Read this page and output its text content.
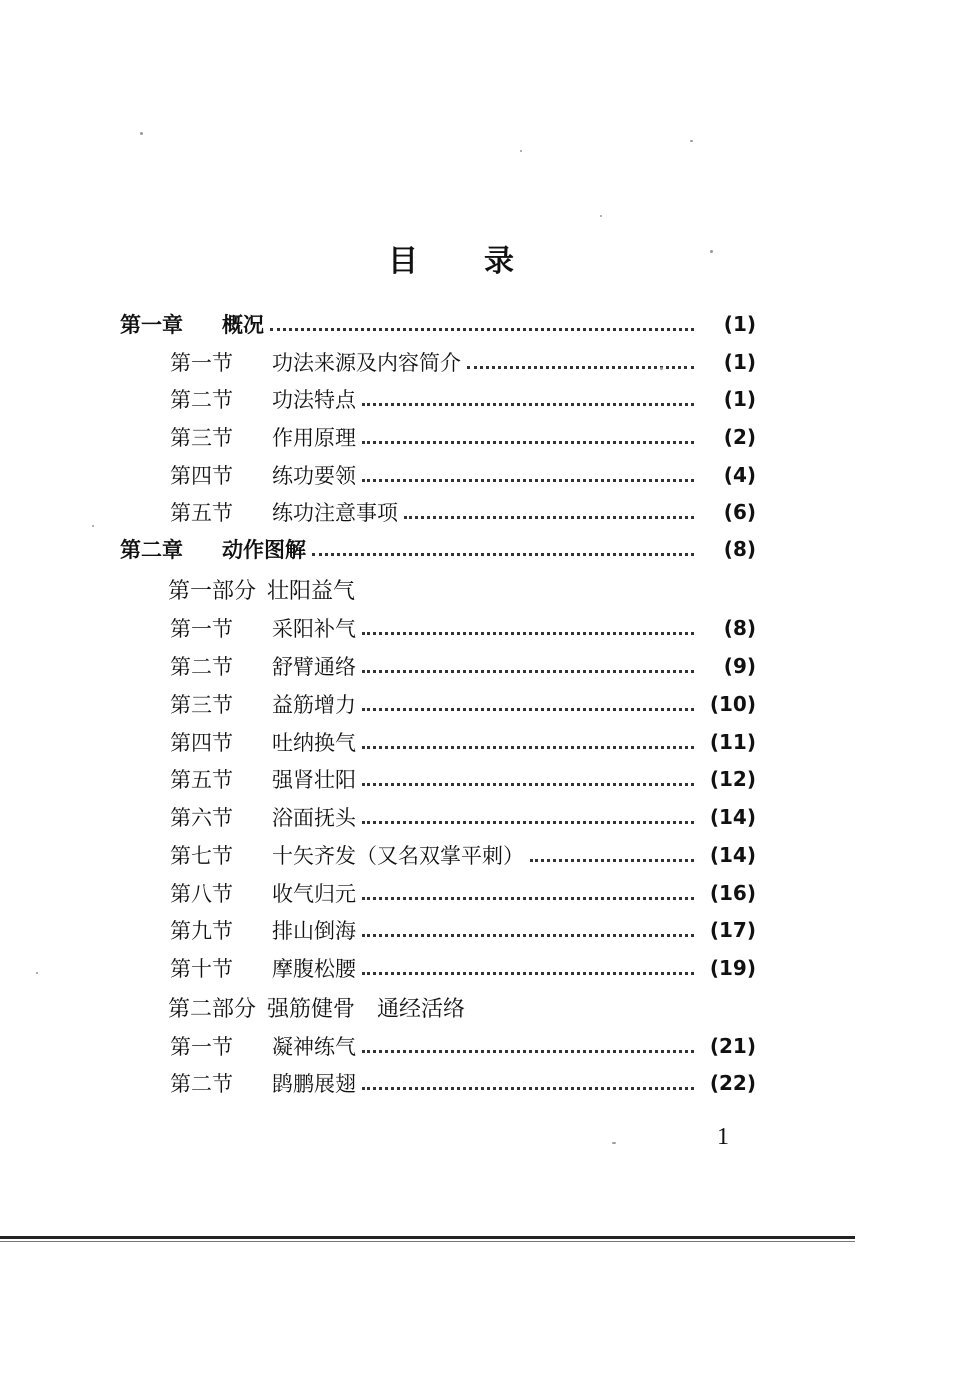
目 录
第一章	概况	(1)
第一节	功法来源及内容简介	(1)
第二节	功法特点	(1)
第三节	作用原理	(2)
第四节	练功要领	(4)
第五节	练功注意事项	(6)
第二章	动作图解	(8)
第一部分  壮阳益气
第一节	采阳补气	(8)
第二节	舒臂通络	(9)
第三节	益筋增力	(10)
第四节	吐纳换气	(11)
第五节	强肾壮阳	(12)
第六节	浴面抚头	(14)
第七节	十矢齐发（又名双掌平刺）	(14)
第八节	收气归元	(16)
第九节	排山倒海	(17)
第十节	摩腹松腰	(19)
第二部分  强筋健骨　通经活络
第一节	凝神练气	(21)
第二节	鹍鹏展翅	(22)
1
